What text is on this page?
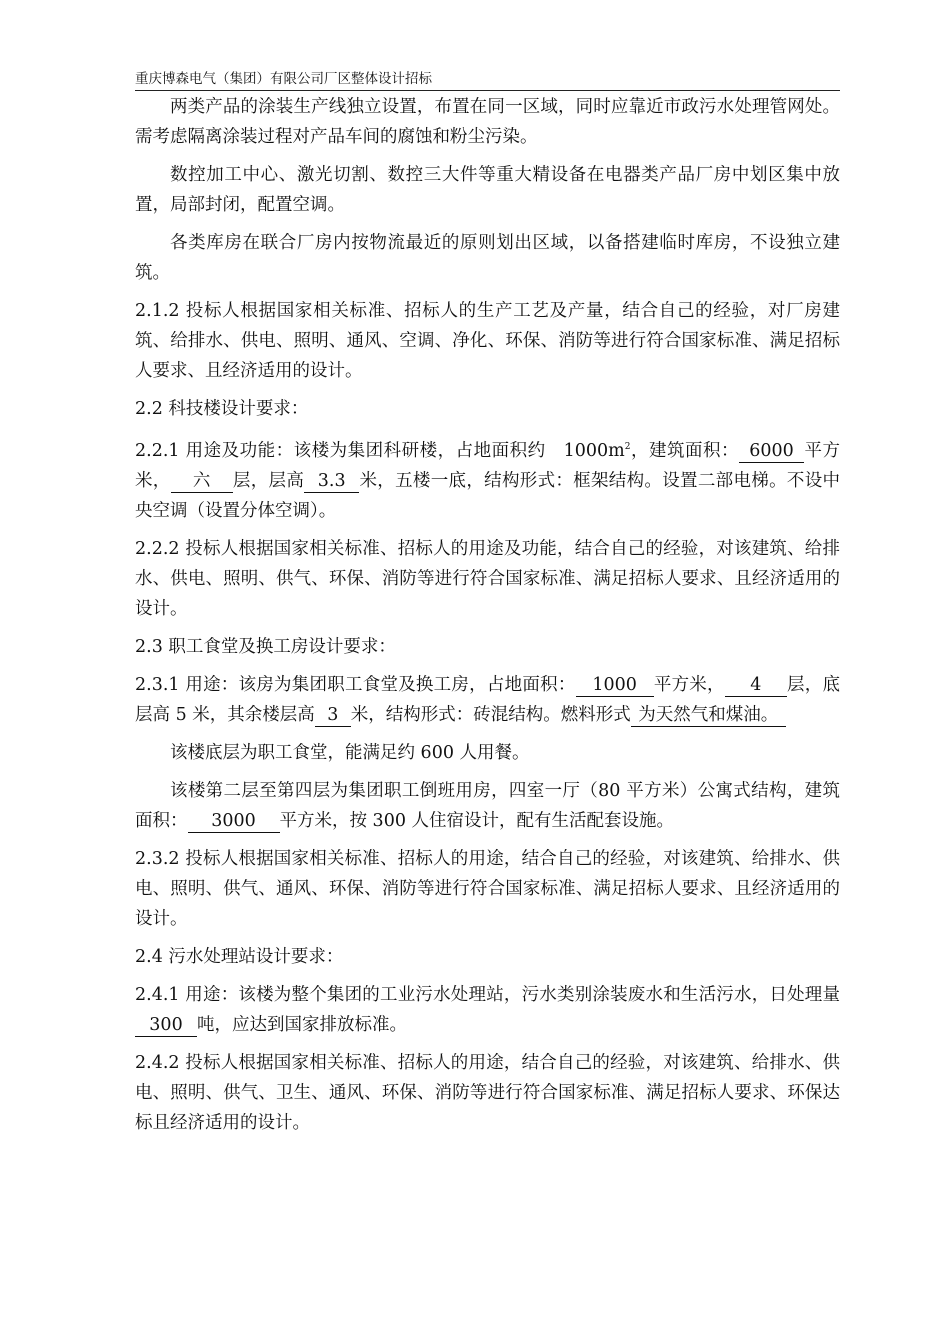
重庆博森电气（集团）有限公司厂区整体设计招标

两类产品的涂装生产线独立设置，布置在同一区域，同时应靠近市政污水处理管网处。需考虑隔离涂装过程对产品车间的腐蚀和粉尘污染。

数控加工中心、激光切割、数控三大件等重大精设备在电器类产品厂房中划区集中放置，局部封闭，配置空调。

各类库房在联合厂房内按物流最近的原则划出区域，以备搭建临时库房，不设独立建筑。

2.1.2 投标人根据国家相关标准、招标人的生产工艺及产量，结合自己的经验，对厂房建筑、给排水、供电、照明、通风、空调、净化、环保、消防等进行符合国家标准、满足招标人要求、且经济适用的设计。

2.2 科技楼设计要求：

2.2.1 用途及功能：该楼为集团科研楼，占地面积约　$1000m^2$，建筑面积： 6000 平方米， 六 层，层高 3.3 米，五楼一底，结构形式：框架结构。设置二部电梯。不设中央空调（设置分体空调）。

2.2.2 投标人根据国家相关标准、招标人的用途及功能，结合自己的经验，对该建筑、给排水、供电、照明、供气、环保、消防等进行符合国家标准、满足招标人要求、且经济适用的设计。

2.3 职工食堂及换工房设计要求：

2.3.1 用途：该房为集团职工食堂及换工房，占地面积： 1000 平方米， 4 层，底层高 5 米，其余楼层高 3 米，结构形式：砖混结构。燃料形式 为天然气和煤油。

该楼底层为职工食堂，能满足约 600 人用餐。

该楼第二层至第四层为集团职工倒班用房，四室一厅（80 平方米）公寓式结构，建筑面积： 3000 平方米，按 300 人住宿设计，配有生活配套设施。

2.3.2 投标人根据国家相关标准、招标人的用途，结合自己的经验，对该建筑、给排水、供电、照明、供气、通风、环保、消防等进行符合国家标准、满足招标人要求、且经济适用的设计。

2.4 污水处理站设计要求：

2.4.1 用途：该楼为整个集团的工业污水处理站，污水类别涂装废水和生活污水，日处理量300 吨，应达到国家排放标准。

2.4.2 投标人根据国家相关标准、招标人的用途，结合自己的经验，对该建筑、给排水、供电、照明、供气、卫生、通风、环保、消防等进行符合国家标准、满足招标人要求、环保达标且经济适用的设计。
